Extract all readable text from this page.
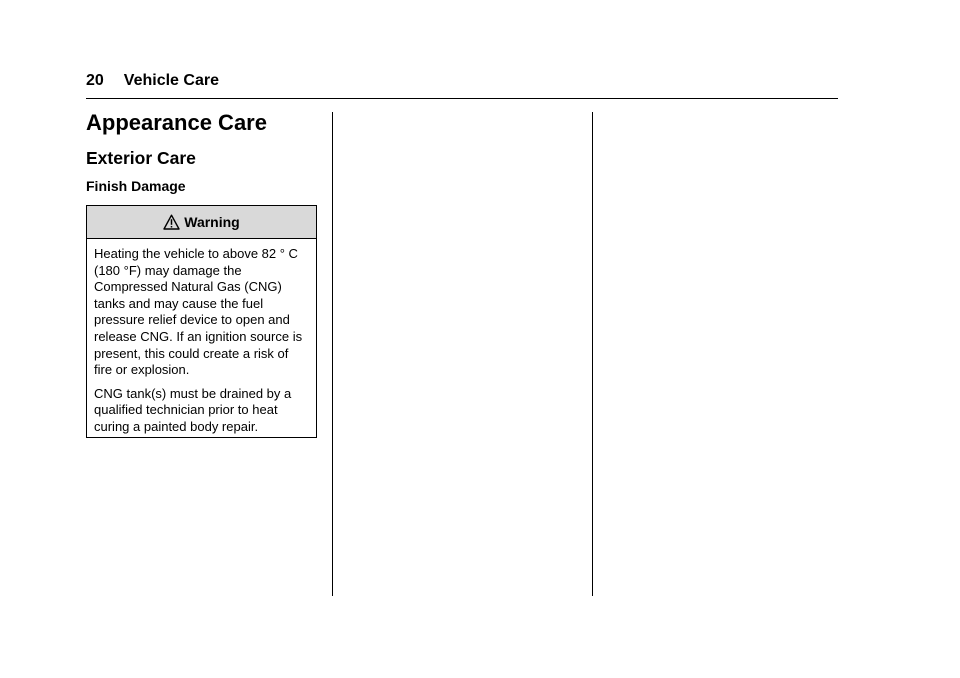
20 Vehicle Care
Appearance Care
Exterior Care
Finish Damage
Warning

Heating the vehicle to above 82 ° C (180 °F) may damage the Compressed Natural Gas (CNG) tanks and may cause the fuel pressure relief device to open and release CNG. If an ignition source is present, this could create a risk of fire or explosion.

CNG tank(s) must be drained by a qualified technician prior to heat curing a painted body repair.
